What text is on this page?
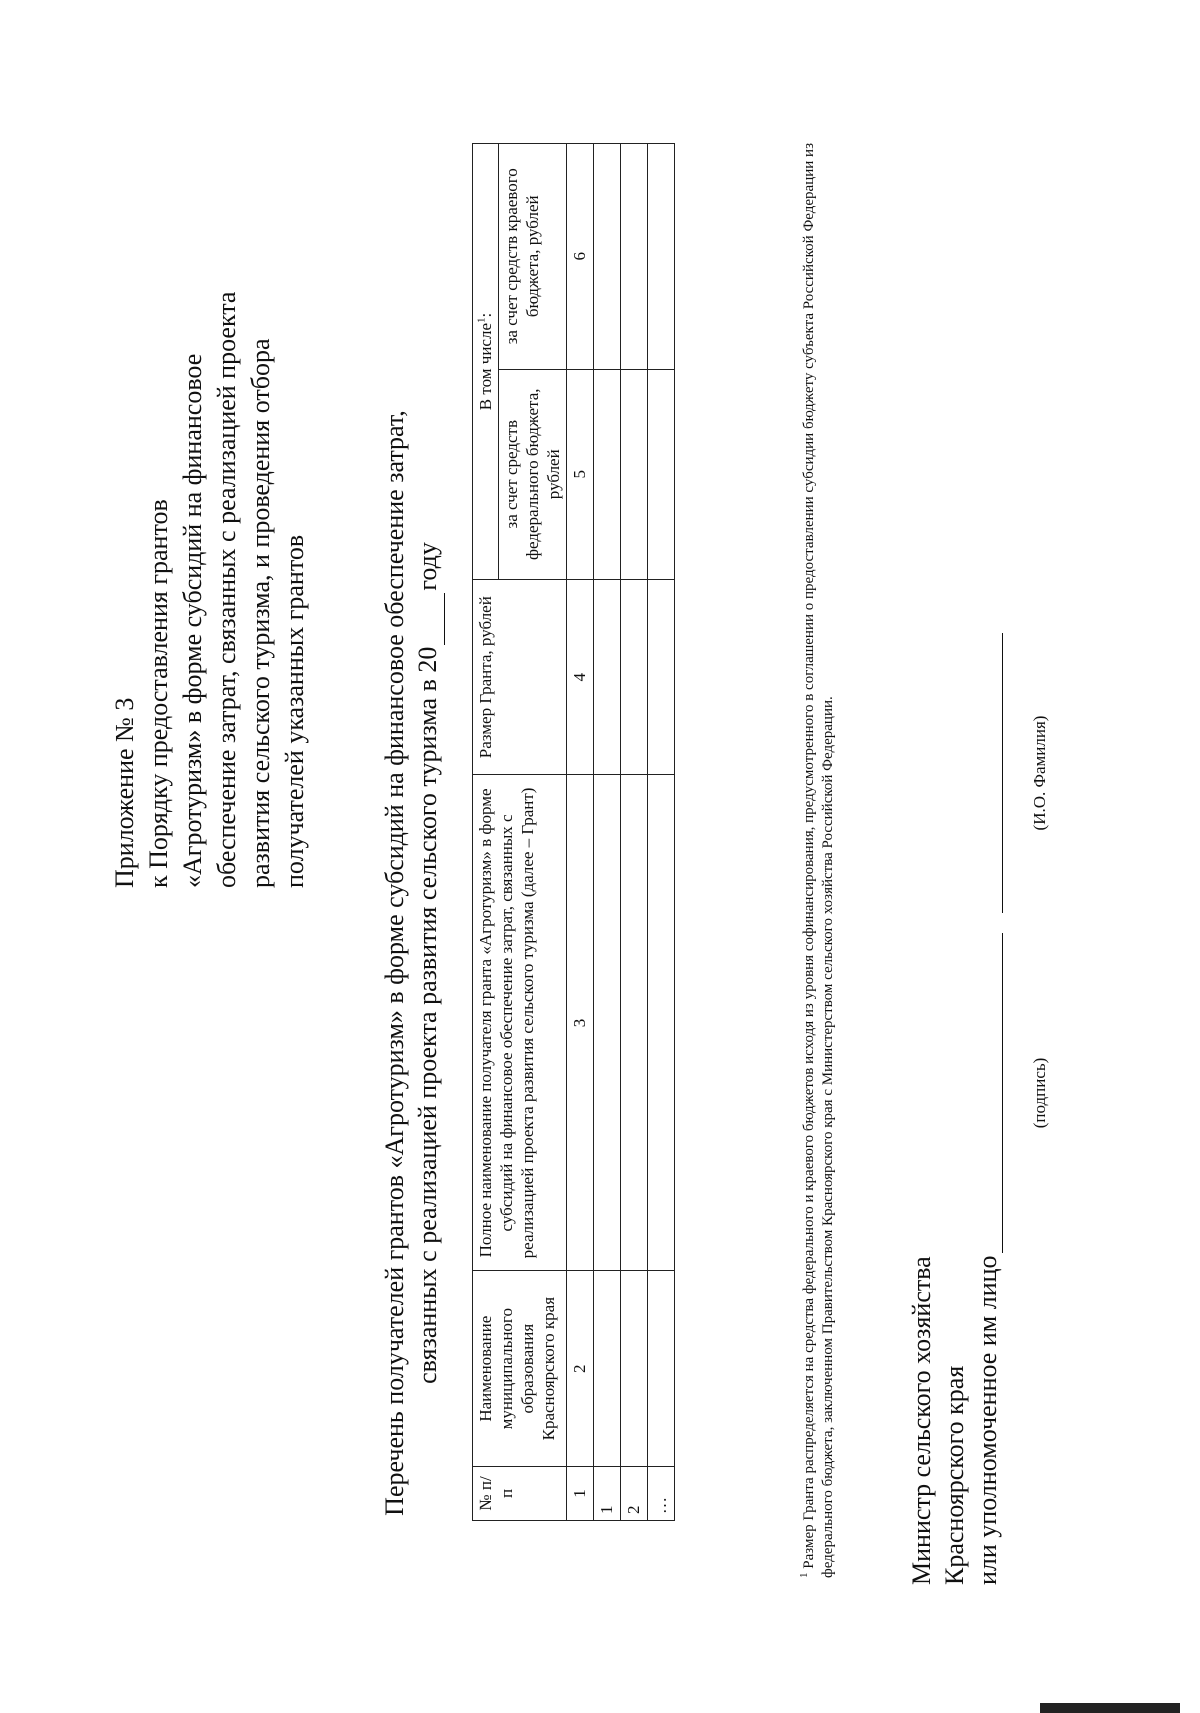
Приложение № 3 к Порядку предоставления грантов «Агротуризм» в форме субсидий на финансовое обеспечение затрат, связанных с реализацией проекта развития сельского туризма, и проведения отбора получателей указанных грантов	Перечень получателей грантов «Агротуризм» в форме субсидий на финансовое обеспечение затрат, связанных с реализацией проекта развития сельского туризма в 20 году
№ п/п	Наименование муниципального образования Красноярского края	Полное наименование получателя гранта «Агротуризм» в форме субсидий на финансовое обеспечение затрат, связанных с реализацией проекта развития сельского туризма (далее – Грант)	Размер Гранта, рублей	В том числе$^1$:	
				за счет средств федерального бюджета, рублей	за счет средств краевого бюджета, рублей
1	2	3	4	5	6
1					
2					
…					
$^1$ Размер Гранта распределяется на средства федерального и краевого бюджетов исходя из уровня софинансирования, предусмотренного в соглашении о предоставлении субсидии бюджету субъекта Российской Федерации из федерального бюджета, заключенном Правительством Красноярского края с Министерством сельского хозяйства Российской Федерации.	Министр сельского хозяйства Красноярского края или уполномоченное им лицо
(подпись)
(И.О. Фамилия)
